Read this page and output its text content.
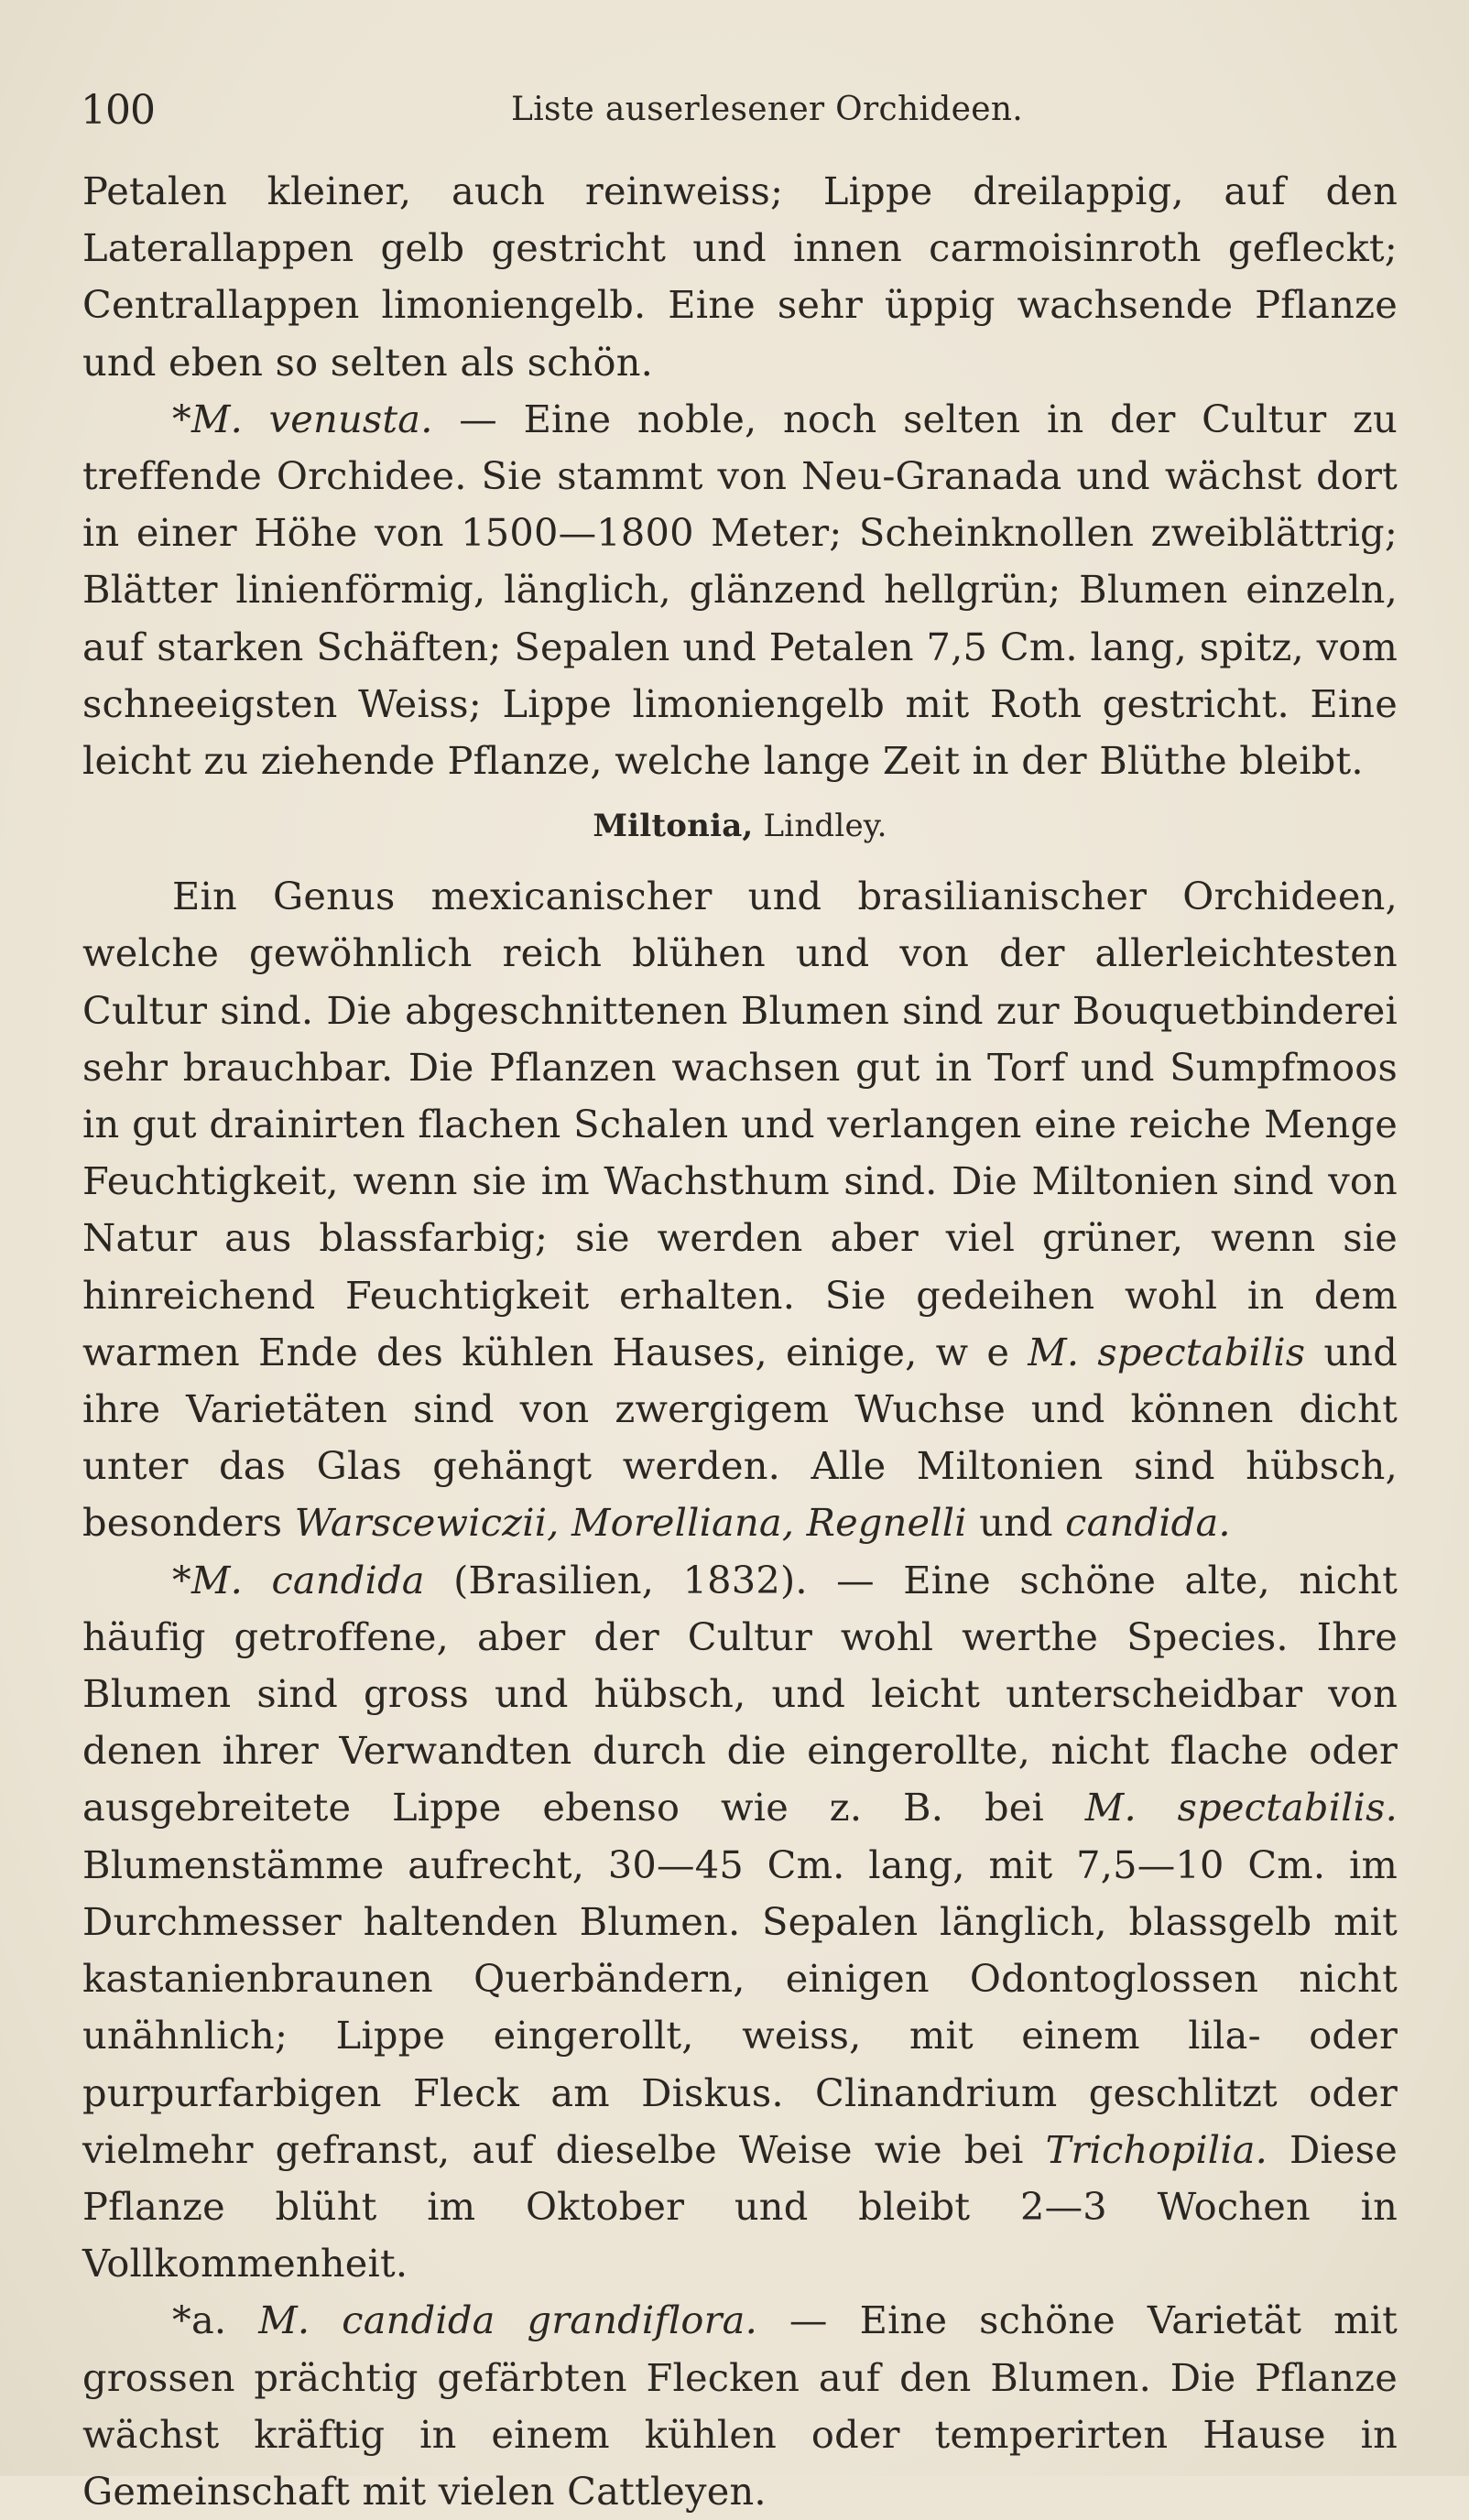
100	Liste auserlesener Orchideen.

Petalen kleiner, auch reinweiss; Lippe dreilappig, auf den Laterallappen gelb gestricht und innen carmoisinroth gefleckt; Centrallappen limoniengelb. Eine sehr üppig wachsende Pflanze und eben so selten als schön.

*M. venusta. — Eine noble, noch selten in der Cultur zu treffende Orchidee. Sie stammt von Neu-Granada und wächst dort in einer Höhe von 1500—1800 Meter; Scheinknollen zweiblättrig; Blätter linienförmig, länglich, glänzend hellgrün; Blumen einzeln, auf starken Schäften; Sepalen und Petalen 7,5 Cm. lang, spitz, vom schneeigsten Weiss; Lippe limoniengelb mit Roth gestricht. Eine leicht zu ziehende Pflanze, welche lange Zeit in der Blüthe bleibt.

Miltonia, Lindley.

Ein Genus mexicanischer und brasilianischer Orchideen, welche gewöhnlich reich blühen und von der allerleichtesten Cultur sind. Die abgeschnittenen Blumen sind zur Bouquetbinderei sehr brauchbar. Die Pflanzen wachsen gut in Torf und Sumpfmoos in gut drainirten flachen Schalen und verlangen eine reiche Menge Feuchtigkeit, wenn sie im Wachsthum sind. Die Miltonien sind von Natur aus blassfarbig; sie werden aber viel grüner, wenn sie hinreichend Feuchtigkeit erhalten. Sie gedeihen wohl in dem warmen Ende des kühlen Hauses, einige, w e M. spectabilis und ihre Varietäten sind von zwergigem Wuchse und können dicht unter das Glas gehängt werden. Alle Miltonien sind hübsch, besonders Warscewiczii, Morelliana, Regnelli und candida.

*M. candida (Brasilien, 1832). — Eine schöne alte, nicht häufig getroffene, aber der Cultur wohl werthe Species. Ihre Blumen sind gross und hübsch, und leicht unterscheidbar von denen ihrer Verwandten durch die eingerollte, nicht flache oder ausgebreitete Lippe ebenso wie z. B. bei M. spectabilis. Blumenstämme aufrecht, 30—45 Cm. lang, mit 7,5—10 Cm. im Durchmesser haltenden Blumen. Sepalen länglich, blassgelb mit kastanienbraunen Querbändern, einigen Odontoglossen nicht unähnlich; Lippe eingerollt, weiss, mit einem lila- oder purpurfarbigen Fleck am Diskus. Clinandrium geschlitzt oder vielmehr gefranst, auf dieselbe Weise wie bei Trichopilia. Diese Pflanze blüht im Oktober und bleibt 2—3 Wochen in Vollkommenheit.

*a. M. candida grandiflora. — Eine schöne Varietät mit grossen prächtig gefärbten Flecken auf den Blumen. Die Pflanze wächst kräftig in einem kühlen oder temperirten Hause in Gemeinschaft mit vielen Cattleyen.
